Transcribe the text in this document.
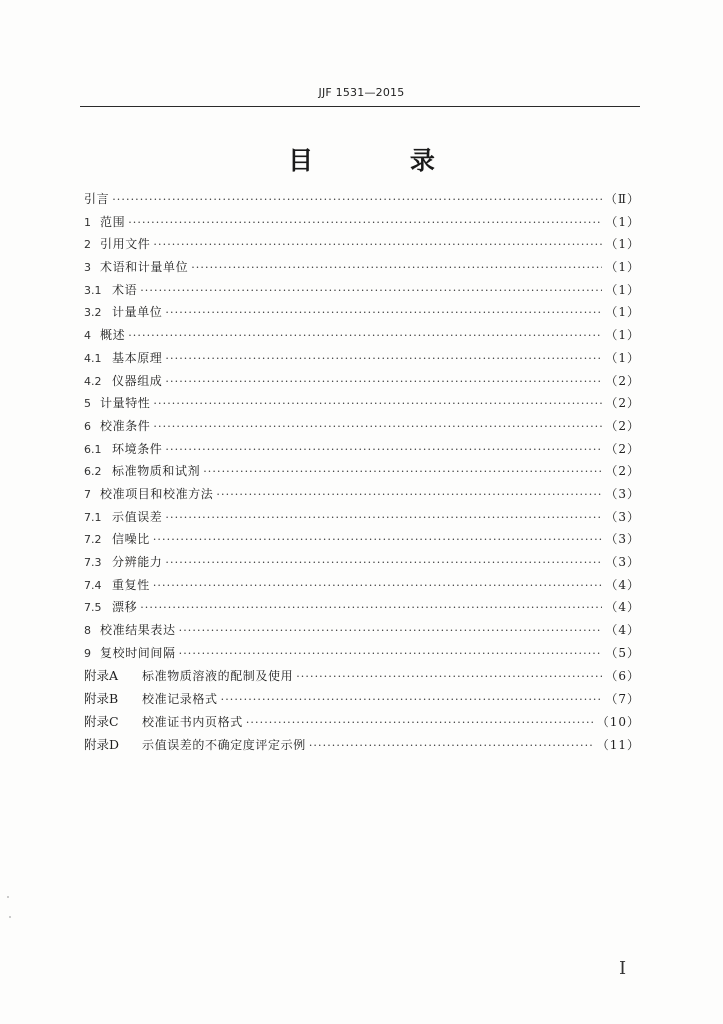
JJF 1531—2015
目 录
引言 ·····	（Ⅱ）
1 范围 ·····	（1）
2 引用文件 ·····	（1）
3 术语和计量单位 ·····	（1）
3.1 术语 ·····	（1）
3.2 计量单位 ·····	（1）
4 概述 ·····	（1）
4.1 基本原理 ·····	（1）
4.2 仪器组成 ·····	（2）
5 计量特性 ·····	（2）
6 校准条件 ·····	（2）
6.1 环境条件 ·····	（2）
6.2 标准物质和试剂 ·····	（2）
7 校准项目和校准方法 ·····	（3）
7.1 示值误差 ·····	（3）
7.2 信噪比 ·····	（3）
7.3 分辨能力 ·····	（3）
7.4 重复性 ·····	（4）
7.5 漂移 ·····	（4）
8 校准结果表达 ·····	（4）
9 复校时间间隔 ·····	（5）
附录A	标准物质溶液的配制及使用 ·····	（6）
附录B	校准记录格式 ·····	（7）
附录C	校准证书内页格式 ·····	（10）
附录D	示值误差的不确定度评定示例 ·····	（11）
I
